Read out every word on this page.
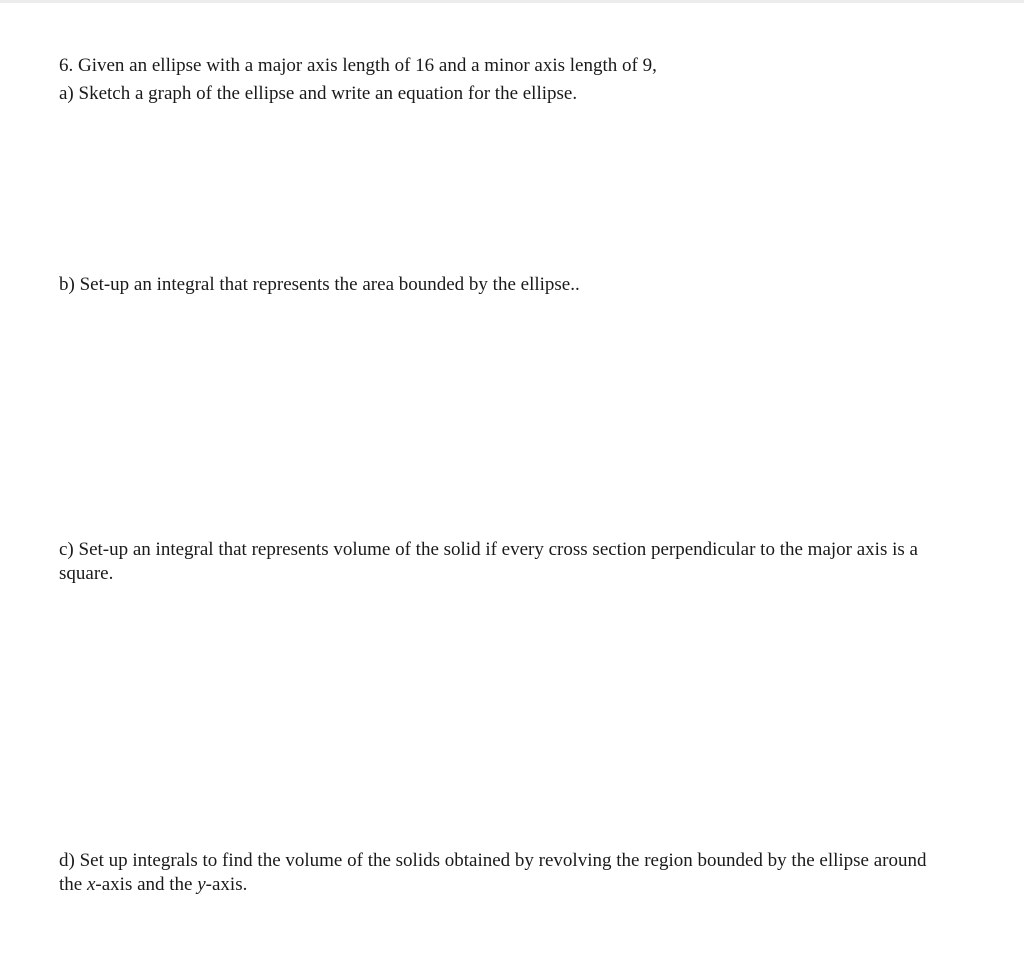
6. Given an ellipse with a major axis length of 16 and a minor axis length of 9,
a) Sketch a graph of the ellipse and write an equation for the ellipse.
b) Set-up an integral that represents the area bounded by the ellipse..
c) Set-up an integral that represents volume of the solid if every cross section perpendicular to the major axis is a
square.
d) Set up integrals to find the volume of the solids obtained by revolving the region bounded by the ellipse around
the x-axis and the y-axis.
